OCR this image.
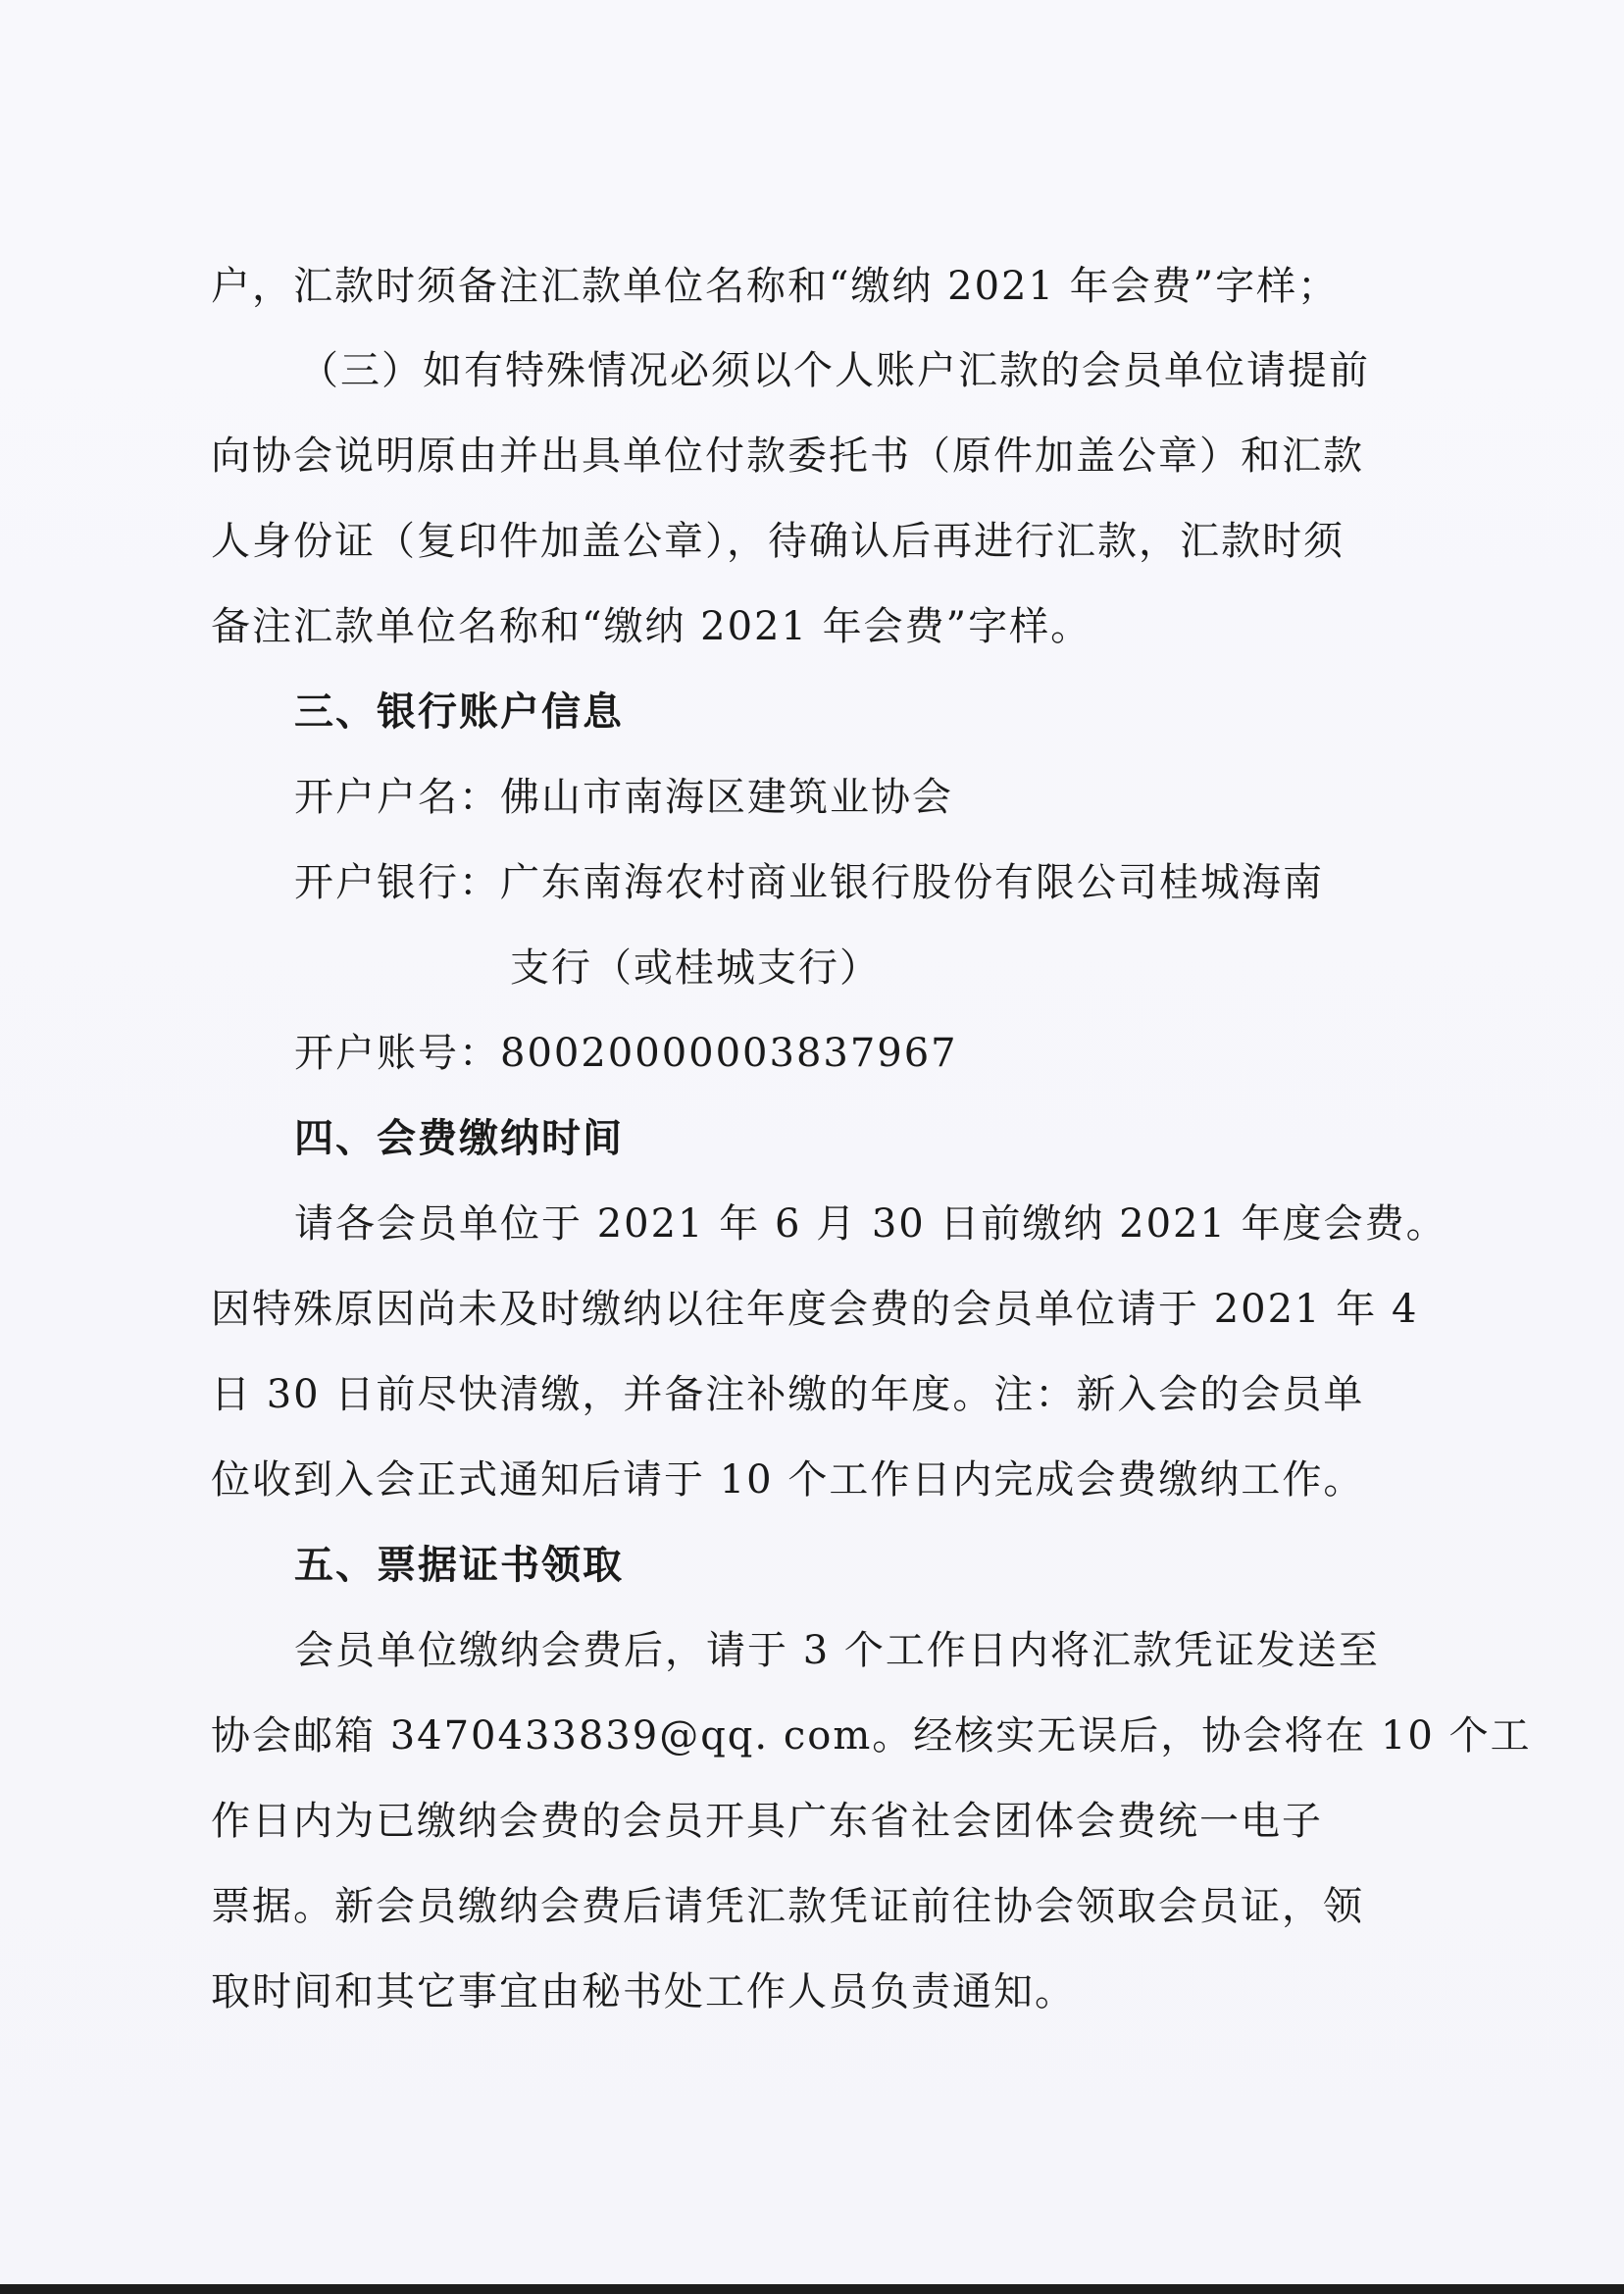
户，汇款时须备注汇款单位名称和“缴纳 2021 年会费”字样；
（三）如有特殊情况必须以个人账户汇款的会员单位请提前
向协会说明原由并出具单位付款委托书（原件加盖公章）和汇款
人身份证（复印件加盖公章），待确认后再进行汇款，汇款时须
备注汇款单位名称和“缴纳 2021 年会费”字样。
三、银行账户信息
开户户名：佛山市南海区建筑业协会
开户银行：广东南海农村商业银行股份有限公司桂城海南
支行（或桂城支行）
开户账号：80020000003837967
四、会费缴纳时间
请各会员单位于 2021 年 6 月 30 日前缴纳 2021 年度会费。
因特殊原因尚未及时缴纳以往年度会费的会员单位请于 2021 年 4
日 30 日前尽快清缴，并备注补缴的年度。注：新入会的会员单
位收到入会正式通知后请于 10 个工作日内完成会费缴纳工作。
五、票据证书领取
会员单位缴纳会费后，请于 3 个工作日内将汇款凭证发送至
协会邮箱 3470433839@qq. com。经核实无误后，协会将在 10 个工
作日内为已缴纳会费的会员开具广东省社会团体会费统一电子
票据。新会员缴纳会费后请凭汇款凭证前往协会领取会员证，领
取时间和其它事宜由秘书处工作人员负责通知。
